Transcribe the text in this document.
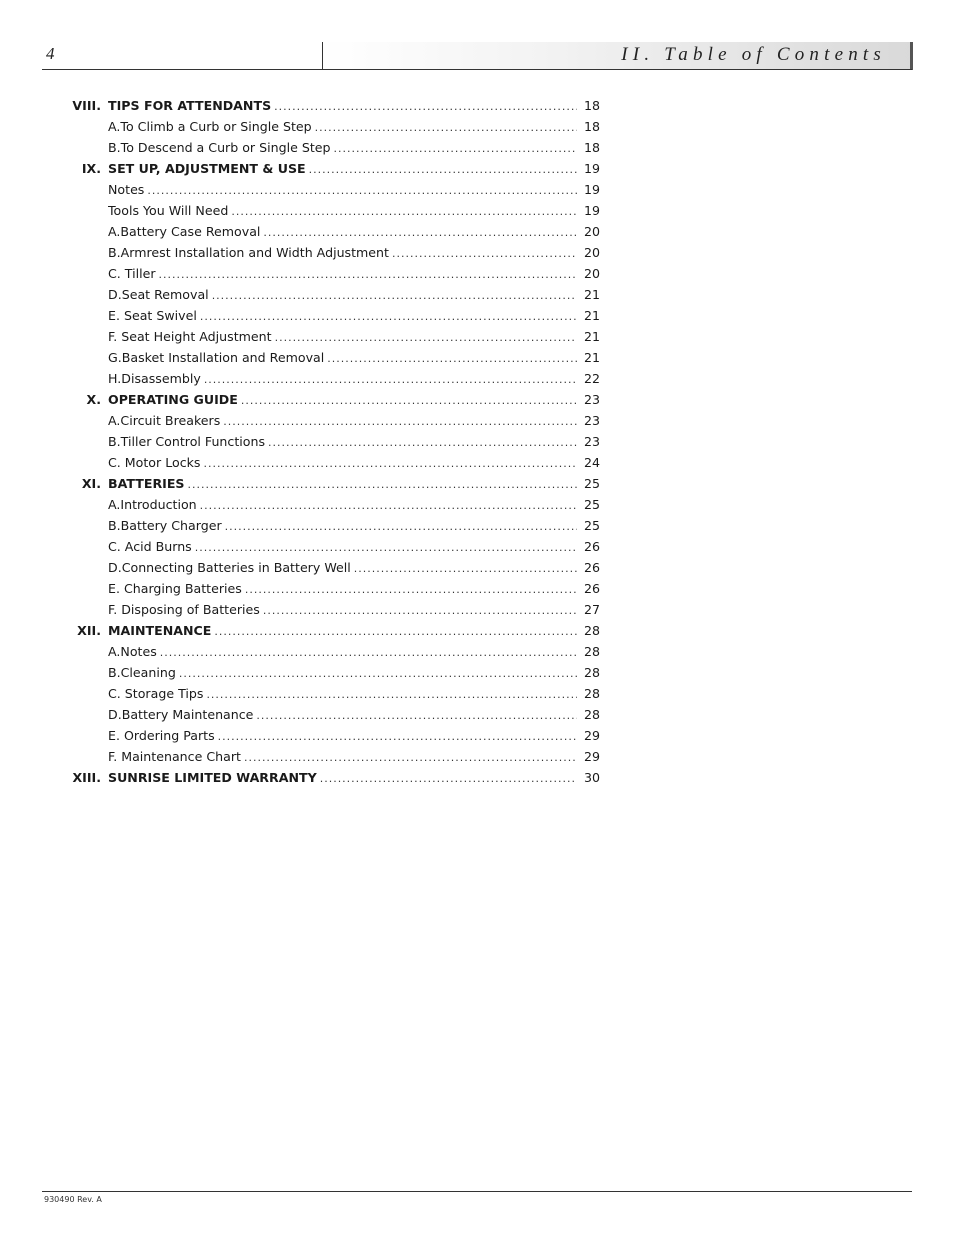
4	II. Table of Contents
VIII. TIPS FOR ATTENDANTS .....	18
A.To Climb a Curb or Single Step .....	18
B.To Descend a Curb or Single Step .....	18
IX. SET UP, ADJUSTMENT & USE .....	19
Notes .....	19
Tools You Will Need .....	19
A.Battery Case Removal .....	20
B.Armrest Installation and Width Adjustment .....	20
C. Tiller .....	20
D.Seat Removal .....	21
E. Seat Swivel .....	21
F. Seat Height Adjustment .....	21
G.Basket Installation and Removal .....	21
H.Disassembly .....	22
X. OPERATING GUIDE .....	23
A.Circuit Breakers .....	23
B.Tiller Control Functions .....	23
C. Motor Locks .....	24
XI. BATTERIES .....	25
A.Introduction .....	25
B.Battery Charger .....	25
C. Acid Burns .....	26
D.Connecting Batteries in Battery Well .....	26
E. Charging Batteries .....	26
F. Disposing of Batteries .....	27
XII. MAINTENANCE .....	28
A.Notes .....	28
B.Cleaning .....	28
C. Storage Tips .....	28
D.Battery Maintenance .....	28
E. Ordering Parts .....	29
F. Maintenance Chart .....	29
XIII. SUNRISE LIMITED WARRANTY .....	30
930490 Rev. A
